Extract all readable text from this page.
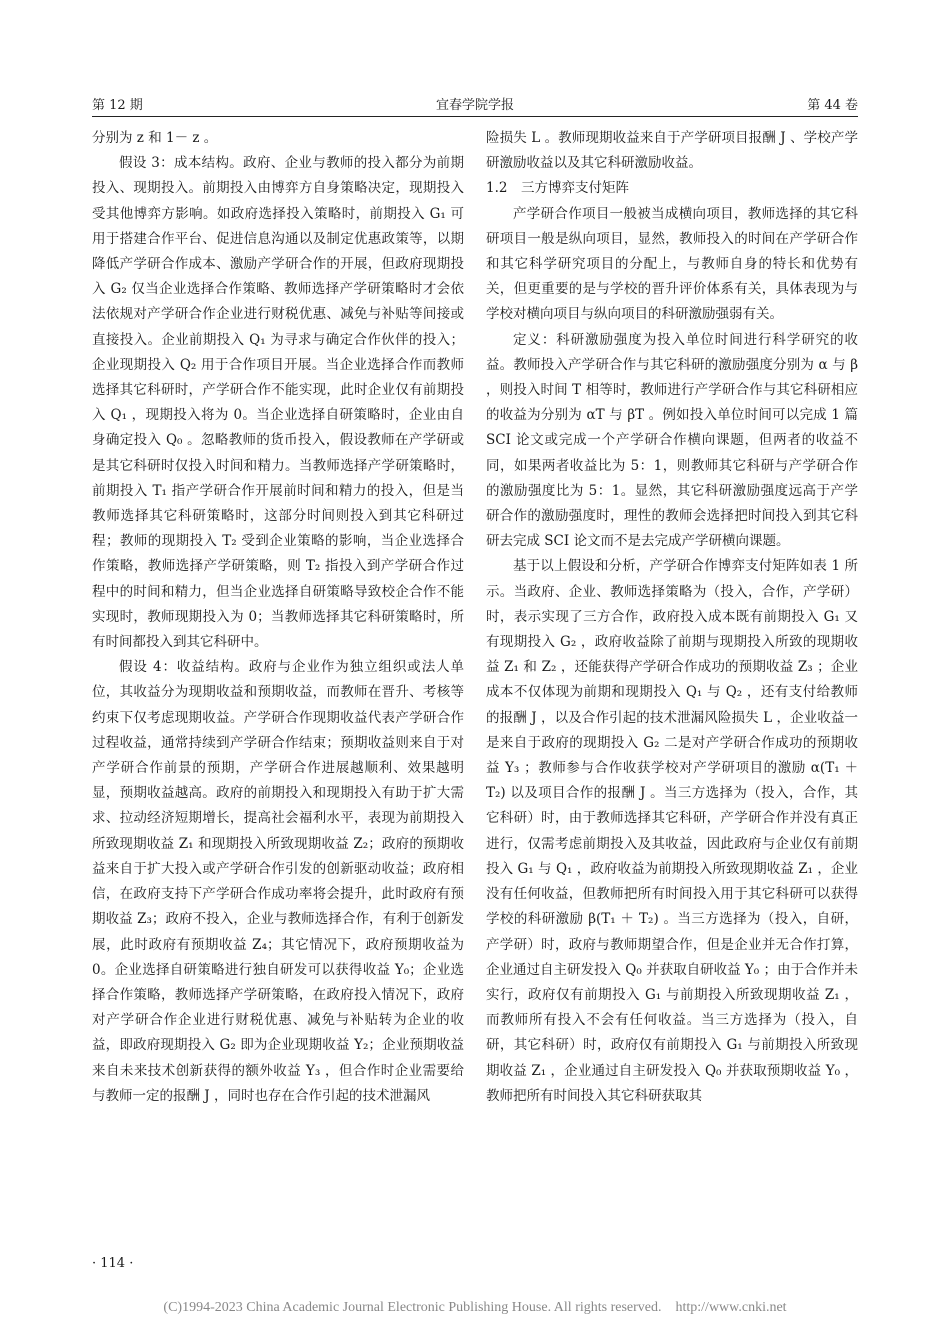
第 12 期	宜春学院学报	第 44 卷

分别为 z 和 1－ z 。

假设 3：成本结构。政府、企业与教师的投入都分为前期投入、现期投入。前期投入由博弈方自身策略决定，现期投入受其他博弈方影响。如政府选择投入策略时，前期投入 G₁ 可用于搭建合作平台、促进信息沟通以及制定优惠政策等，以期降低产学研合作成本、激励产学研合作的开展，但政府现期投入 G₂ 仅当企业选择合作策略、教师选择产学研策略时才会依法依规对产学研合作企业进行财税优惠、减免与补贴等间接或直接投入。企业前期投入 Q₁ 为寻求与确定合作伙伴的投入；企业现期投入 Q₂ 用于合作项目开展。当企业选择合作而教师选择其它科研时，产学研合作不能实现，此时企业仅有前期投入 Q₁ ，现期投入将为 0。当企业选择自研策略时，企业由自身确定投入 Q₀ 。忽略教师的货币投入，假设教师在产学研或是其它科研时仅投入时间和精力。当教师选择产学研策略时，前期投入 T₁ 指产学研合作开展前时间和精力的投入，但是当教师选择其它科研策略时，这部分时间则投入到其它科研过程；教师的现期投入 T₂ 受到企业策略的影响，当企业选择合作策略，教师选择产学研策略，则 T₂ 指投入到产学研合作过程中的时间和精力，但当企业选择自研策略导致校企合作不能实现时，教师现期投入为 0；当教师选择其它科研策略时，所有时间都投入到其它科研中。

假设 4：收益结构。政府与企业作为独立组织或法人单位，其收益分为现期收益和预期收益，而教师在晋升、考核等约束下仅考虑现期收益。产学研合作现期收益代表产学研合作过程收益，通常持续到产学研合作结束；预期收益则来自于对产学研合作前景的预期，产学研合作进展越顺利、效果越明显，预期收益越高。政府的前期投入和现期投入有助于扩大需求、拉动经济短期增长，提高社会福利水平，表现为前期投入所致现期收益 Z₁ 和现期投入所致现期收益 Z₂；政府的预期收益来自于扩大投入或产学研合作引发的创新驱动收益；政府相信，在政府支持下产学研合作成功率将会提升，此时政府有预期收益 Z₃；政府不投入，企业与教师选择合作，有利于创新发展，此时政府有预期收益 Z₄；其它情况下，政府预期收益为 0。企业选择自研策略进行独自研发可以获得收益 Y₀；企业选择合作策略，教师选择产学研策略，在政府投入情况下，政府对产学研合作企业进行财税优惠、减免与补贴转为企业的收益，即政府现期投入 G₂ 即为企业现期收益 Y₂；企业预期收益来自未来技术创新获得的额外收益 Y₃ ，但合作时企业需要给与教师一定的报酬 J ，同时也存在合作引起的技术泄漏风

险损失 L 。教师现期收益来自于产学研项目报酬 J 、学校产学研激励收益以及其它科研激励收益。

1.2　三方博弈支付矩阵

产学研合作项目一般被当成横向项目，教师选择的其它科研项目一般是纵向项目，显然，教师投入的时间在产学研合作和其它科学研究项目的分配上，与教师自身的特长和优势有关，但更重要的是与学校的晋升评价体系有关，具体表现为与学校对横向项目与纵向项目的科研激励强弱有关。

定义：科研激励强度为投入单位时间进行科学研究的收益。教师投入产学研合作与其它科研的激励强度分别为 α 与 β ，则投入时间 T 相等时，教师进行产学研合作与其它科研相应的收益为分别为 αT 与 βT 。例如投入单位时间可以完成 1 篇 SCI 论文或完成一个产学研合作横向课题，但两者的收益不同，如果两者收益比为 5：1，则教师其它科研与产学研合作的激励强度比为 5：1。显然，其它科研激励强度远高于产学研合作的激励强度时，理性的教师会选择把时间投入到其它科研去完成 SCI 论文而不是去完成产学研横向课题。

基于以上假设和分析，产学研合作博弈支付矩阵如表 1 所示。当政府、企业、教师选择策略为（投入，合作，产学研）时，表示实现了三方合作，政府投入成本既有前期投入 G₁ 又有现期投入 G₂ ，政府收益除了前期与现期投入所致的现期收益 Z₁ 和 Z₂ ，还能获得产学研合作成功的预期收益 Z₃ ；企业成本不仅体现为前期和现期投入 Q₁ 与 Q₂ ，还有支付给教师的报酬 J ，以及合作引起的技术泄漏风险损失 L ，企业收益一是来自于政府的现期投入 G₂ 二是对产学研合作成功的预期收益 Y₃ ；教师参与合作收获学校对产学研项目的激励 α(T₁ ＋ T₂) 以及项目合作的报酬 J 。当三方选择为（投入，合作，其它科研）时，由于教师选择其它科研，产学研合作并没有真正进行，仅需考虑前期投入及其收益，因此政府与企业仅有前期投入 G₁ 与 Q₁ ，政府收益为前期投入所致现期收益 Z₁ ，企业没有任何收益，但教师把所有时间投入用于其它科研可以获得学校的科研激励 β(T₁ ＋ T₂) 。当三方选择为（投入，自研，产学研）时，政府与教师期望合作，但是企业并无合作打算，企业通过自主研发投入 Q₀ 并获取自研收益 Y₀ ；由于合作并未实行，政府仅有前期投入 G₁ 与前期投入所致现期收益 Z₁ ，而教师所有投入不会有任何收益。当三方选择为（投入，自研，其它科研）时，政府仅有前期投入 G₁ 与前期投入所致现期收益 Z₁ ，企业通过自主研发投入 Q₀ 并获取预期收益 Y₀ ，教师把所有时间投入其它科研获取其

· 114 ·
(C)1994-2023 China Academic Journal Electronic Publishing House. All rights reserved.　http://www.cnki.net
